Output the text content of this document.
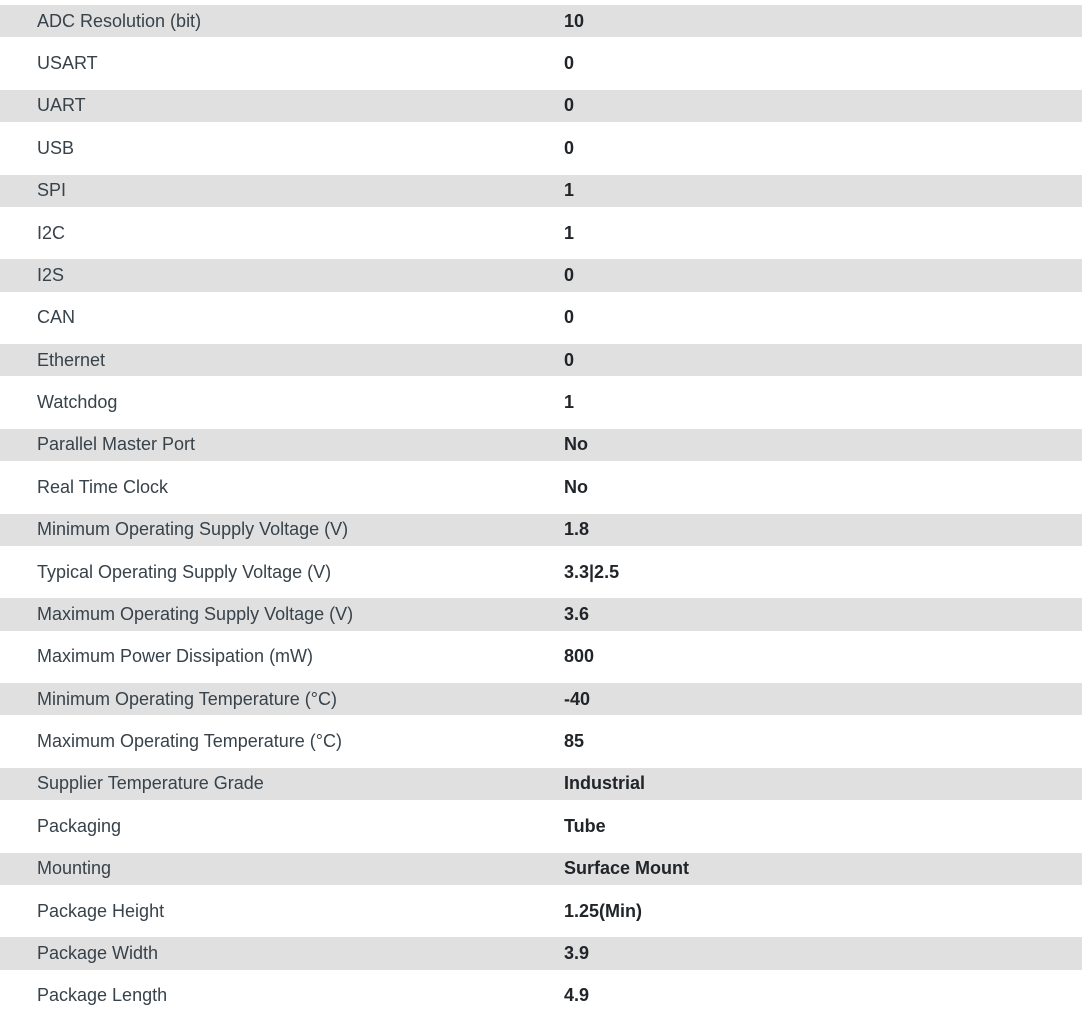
ADC Resolution (bit)	10
USART	0
UART	0
USB	0
SPI	1
I2C	1
I2S	0
CAN	0
Ethernet	0
Watchdog	1
Parallel Master Port	No
Real Time Clock	No
Minimum Operating Supply Voltage (V)	1.8
Typical Operating Supply Voltage (V)	3.3|2.5
Maximum Operating Supply Voltage (V)	3.6
Maximum Power Dissipation (mW)	800
Minimum Operating Temperature (°C)	-40
Maximum Operating Temperature (°C)	85
Supplier Temperature Grade	Industrial
Packaging	Tube
Mounting	Surface Mount
Package Height	1.25(Min)
Package Width	3.9
Package Length	4.9
